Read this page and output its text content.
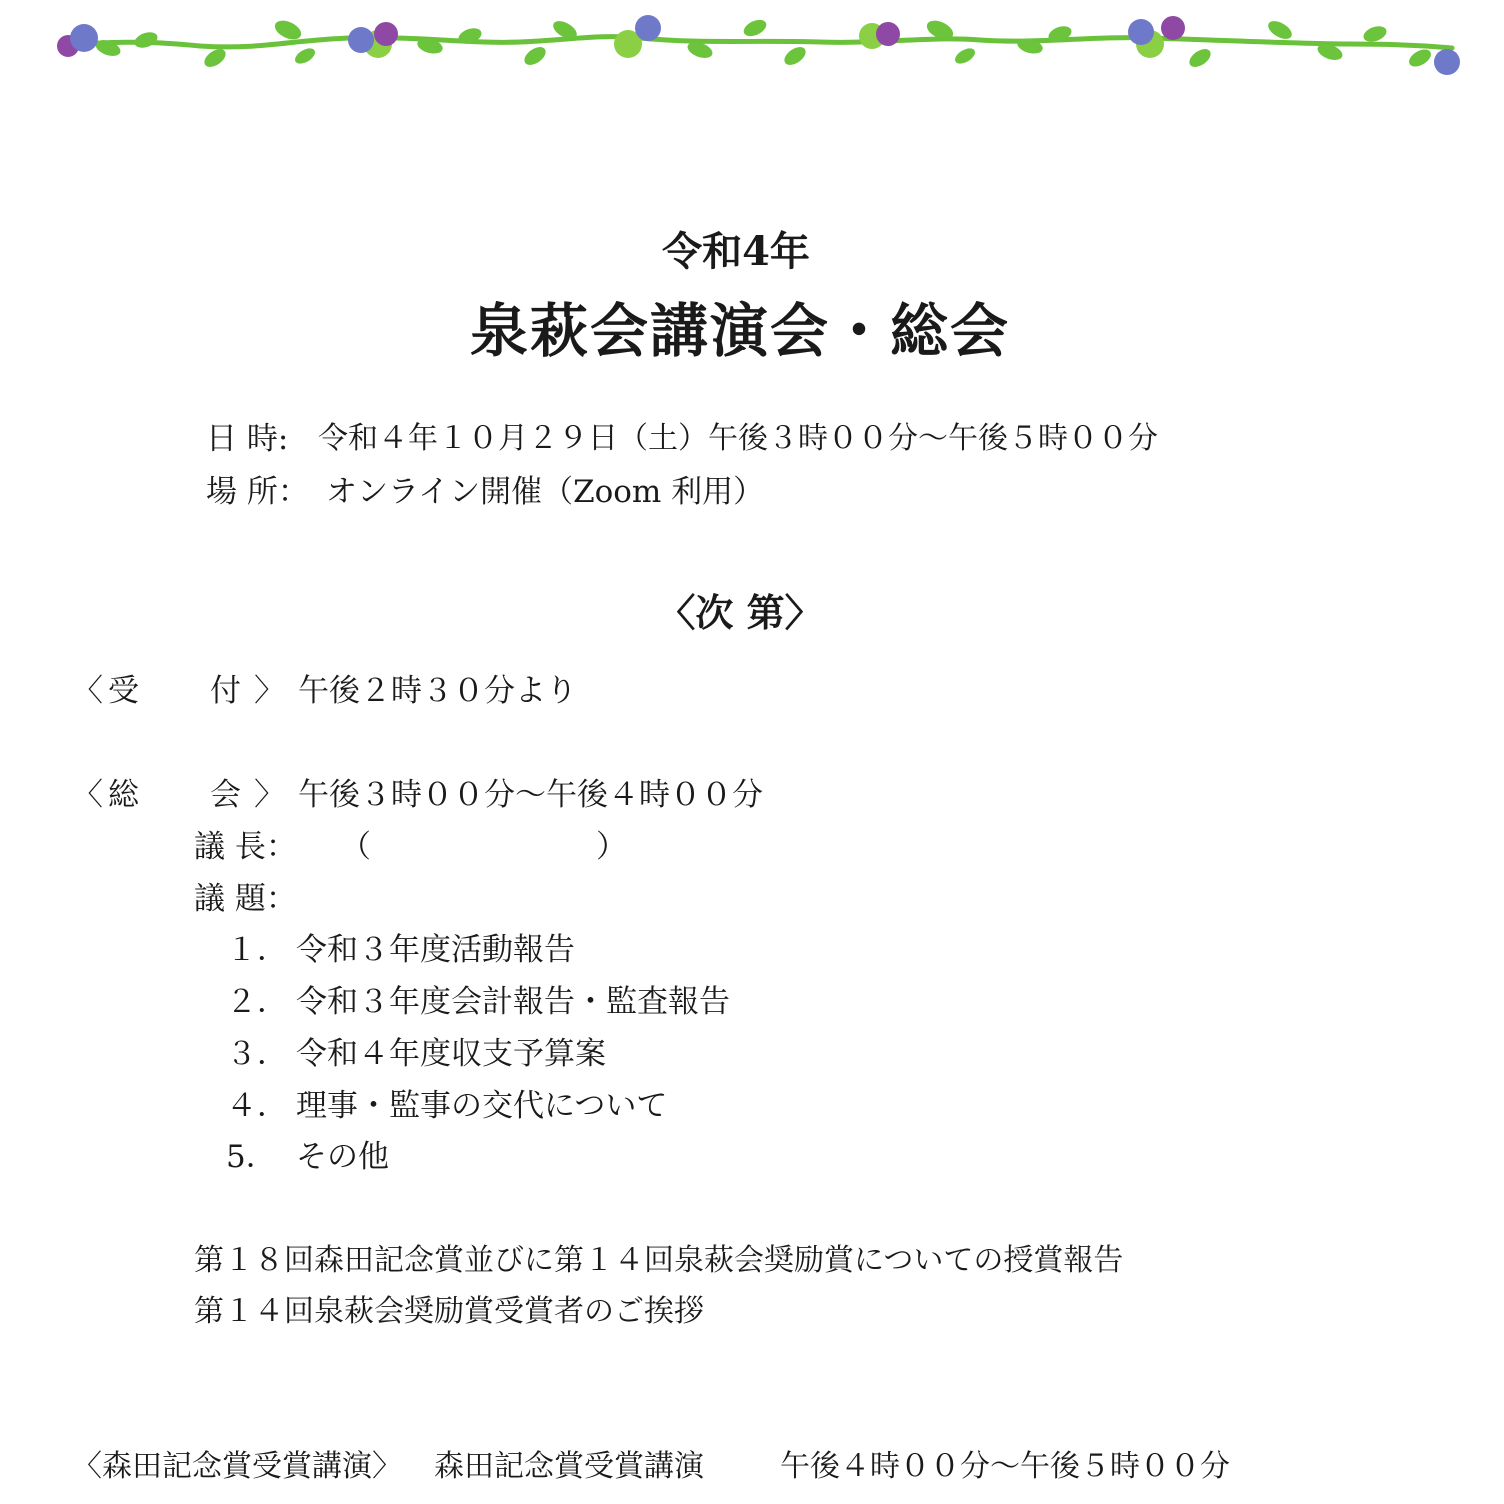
令和4年
泉萩会講演会・総会
日 時: 令和４年１０月２９日（土）午後３時００分～午後５時００分
場 所： オンライン開催（Zoom 利用）
〈次 第〉
〈 受 付 〉 午後２時３０分より
〈 総 会 〉 午後３時００分～午後４時００分
議 長： （	）
議 題：
１． 令和３年度活動報告
２． 令和３年度会計報告・監査報告
３． 令和４年度収支予算案
４． 理事・監事の交代について
5． その他
第１８回森田記念賞並びに第１４回泉萩会奨励賞についての授賞報告
第１４回泉萩会奨励賞受賞者のご挨拶
〈森田記念賞受賞講演〉 森田記念賞受賞講演	午後４時００分～午後５時００分
